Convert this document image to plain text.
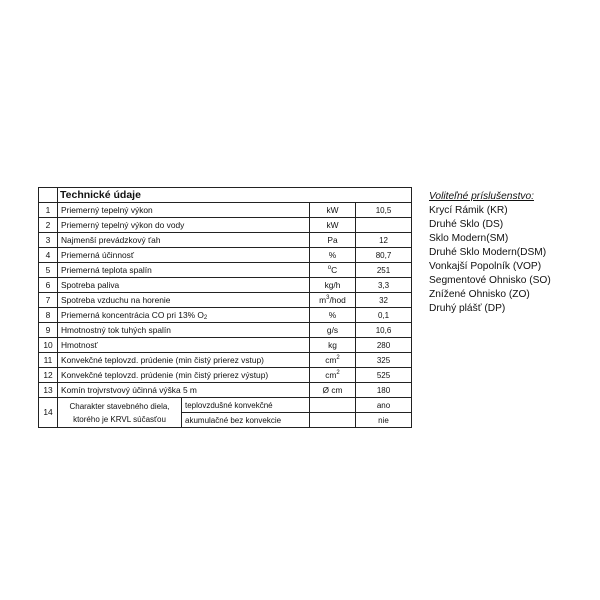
	Technické údaje			
1	Priemerný tepelný výkon		kW	10,5
2	Priemerný tepelný výkon do vody		kW	
3	Najmenší prevádzkový ťah		Pa	12
4	Priemerná účinnosť		%	80,7
5	Priemerná teplota spalín		$^o$C	251
6	Spotreba paliva		kg/h	3,3
7	Spotreba vzduchu na horenie		$m^3$/hod	32
8	Priemerná koncentrácia CO pri 13% O2		%	0,1
9	Hmotnostný tok tuhých spalín		g/s	10,6
10	Hmotnosť		kg	280
11	Konvekčné teplovzd. prúdenie (min čistý prierez vstup)		$cm^2$	325
12	Konvekčné teplovzd. prúdenie (min čistý prierez výstup)		$cm^2$	525
13	Komín trojvrstvový účinná výška 5 m		Ø cm	180
14	Charakter stavebného diela,
ktorého je KRVL súčasťou	teplovzdušné konvekčné		ano
		akumulačné bez konvekcie		nie
Voliteľné príslušenstvo:
Krycí Rámik (KR)
Druhé Sklo (DS)
Sklo Modern(SM)
Druhé Sklo Modern(DSM)
Vonkajší Popolník (VOP)
Segmentové Ohnisko (SO)
Znížené Ohnisko (ZO)
Druhý plášť (DP)
